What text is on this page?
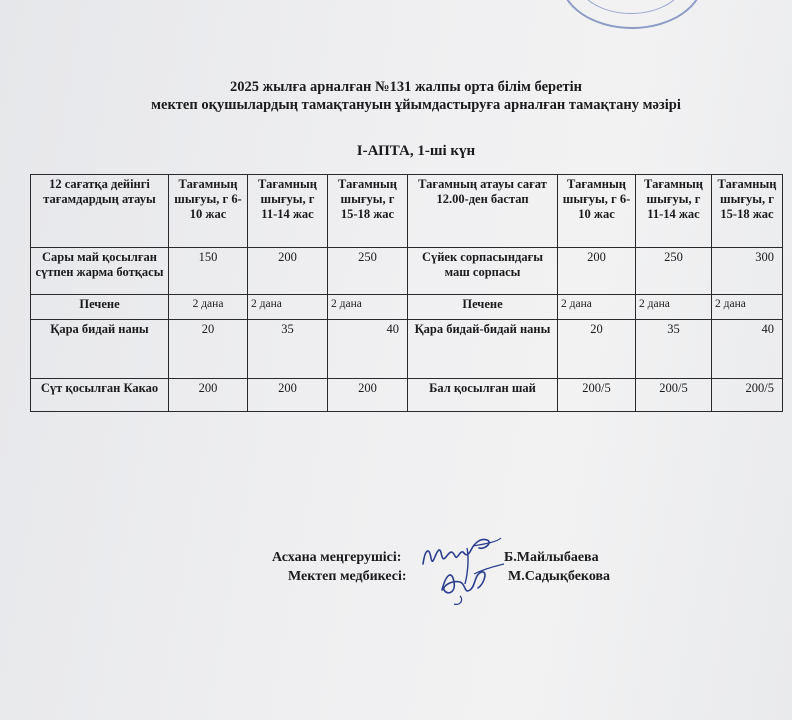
2025 жылға арналған №131 жалпы орта білім беретін
мектеп оқушылардың тамақтануын ұйымдастыруға арналған тамақтану мәзірі
І-АПТА, 1-ші күн
12 сағатқа дейінгі тағамдардың атауы	Тағамның шығуы, г 6-10 жас	Тағамның шығуы, г 11-14 жас	Тағамның шығуы, г 15-18 жас	Тағамның атауы сағат 12.00-ден бастап	Тағамның шығуы, г 6-10 жас	Тағамның шығуы, г 11-14 жас	Тағамның шығуы, г 15-18 жас
Сары май қосылған сүтпен жарма ботқасы	150	200	250	Сүйек сорпасындағы маш сорпасы	200	250	300
Печене	2 дана	2 дана	2 дана	Печене	2 дана	2 дана	2 дана
Қара бидай наны	20	35	40	Қара бидай-бидай наны	20	35	40
Сүт қосылған Какао	200	200	200	Бал қосылған шай	200/5	200/5	200/5
Асхана меңгерушісі:	Б.Майлыбаева
Мектеп медбикесі:	М.Садықбекова
